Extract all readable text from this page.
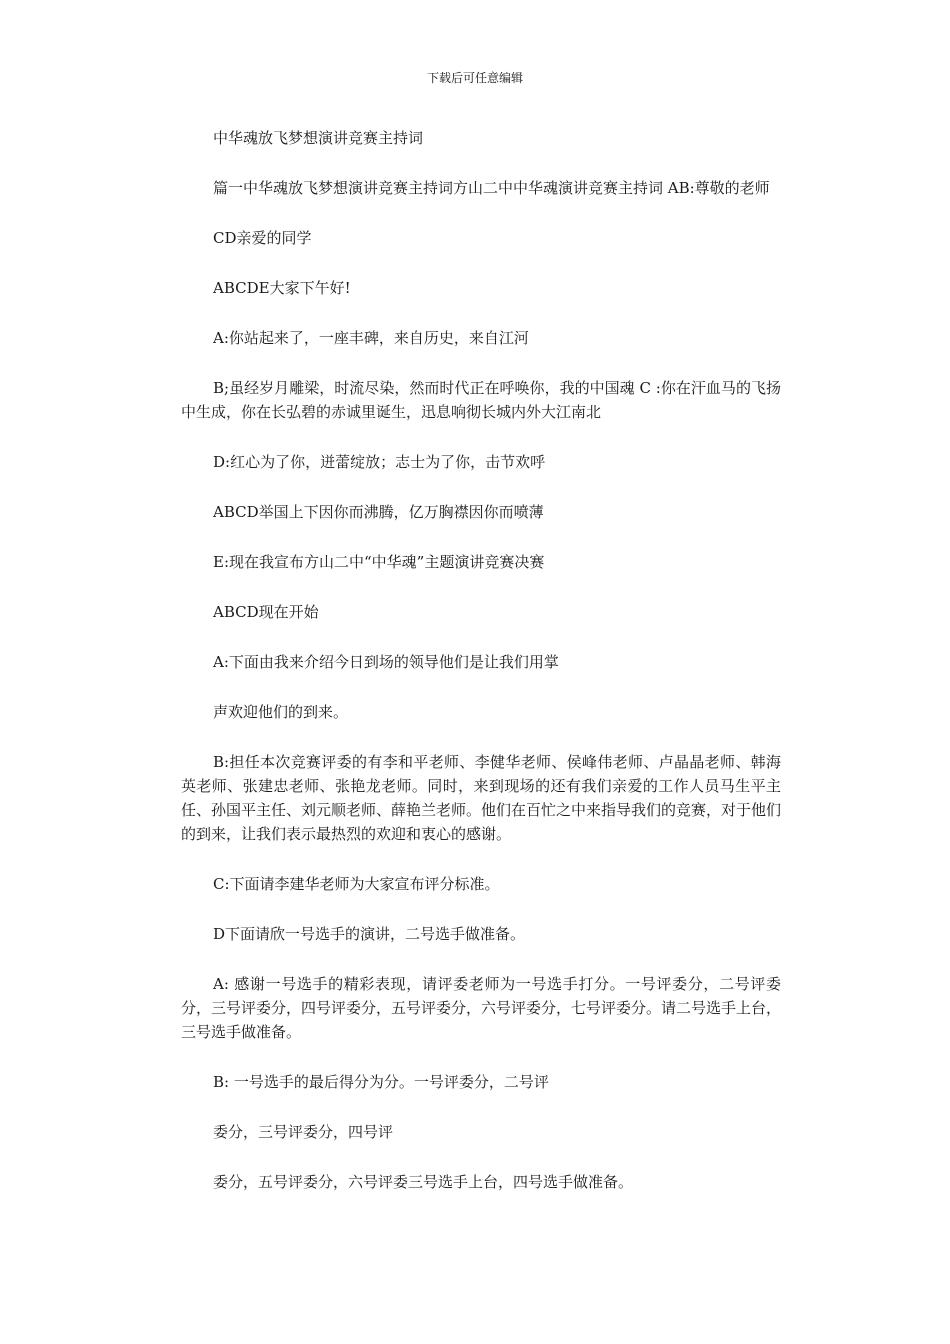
下载后可任意编辑

中华魂放飞梦想演讲竞赛主持词

篇一中华魂放飞梦想演讲竞赛主持词方山二中中华魂演讲竞赛主持词 AB:尊敬的老师

CD亲爱的同学

ABCDE大家下午好!

A:你站起来了，一座丰碑，来自历史，来自江河

B;虽经岁月雕梁，时流尽染，然而时代正在呼唤你，我的中国魂 C :你在汗血马的飞扬中生成，你在长弘碧的赤诚里诞生，迅息响彻长城内外大江南北

D:红心为了你，迸蕾绽放；志士为了你，击节欢呼

ABCD举国上下因你而沸腾，亿万胸襟因你而喷薄

E:现在我宣布方山二中“中华魂”主题演讲竞赛决赛

ABCD现在开始

A:下面由我来介绍今日到场的领导他们是让我们用掌

声欢迎他们的到来。

B:担任本次竞赛评委的有李和平老师、李健华老师、侯峰伟老师、卢晶晶老师、韩海英老师、张建忠老师、张艳龙老师。同时，来到现场的还有我们亲爱的工作人员马生平主任、孙国平主任、刘元顺老师、薛艳兰老师。他们在百忙之中来指导我们的竞赛，对于他们的到来，让我们表示最热烈的欢迎和衷心的感谢。

C:下面请李建华老师为大家宣布评分标准。

D下面请欣一号选手的演讲，二号选手做准备。

A: 感谢一号选手的精彩表现，请评委老师为一号选手打分。一号评委分，二号评委分，三号评委分，四号评委分，五号评委分，六号评委分，七号评委分。请二号选手上台，三号选手做准备。

B: 一号选手的最后得分为分。一号评委分，二号评

委分，三号评委分，四号评

委分，五号评委分，六号评委三号选手上台，四号选手做准备。
